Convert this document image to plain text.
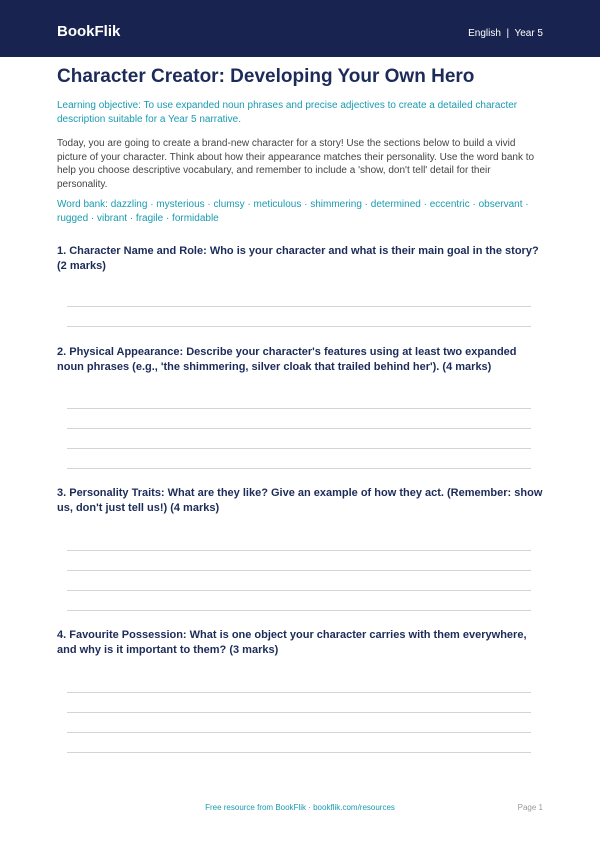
BookFlik	English  |  Year 5
Character Creator: Developing Your Own Hero
Learning objective: To use expanded noun phrases and precise adjectives to create a detailed character description suitable for a Year 5 narrative.
Today, you are going to create a brand-new character for a story! Use the sections below to build a vivid picture of your character. Think about how their appearance matches their personality. Use the word bank to help you choose descriptive vocabulary, and remember to include a 'show, don't tell' detail for their personality.
Word bank: dazzling · mysterious · clumsy · meticulous · shimmering · determined · eccentric · observant · rugged · vibrant · fragile · formidable
1. Character Name and Role: Who is your character and what is their main goal in the story? (2 marks)
2. Physical Appearance: Describe your character's features using at least two expanded noun phrases (e.g., 'the shimmering, silver cloak that trailed behind her'). (4 marks)
3. Personality Traits: What are they like? Give an example of how they act. (Remember: show us, don't just tell us!) (4 marks)
4. Favourite Possession: What is one object your character carries with them everywhere, and why is it important to them? (3 marks)
Free resource from BookFlik · bookflik.com/resources	Page 1
